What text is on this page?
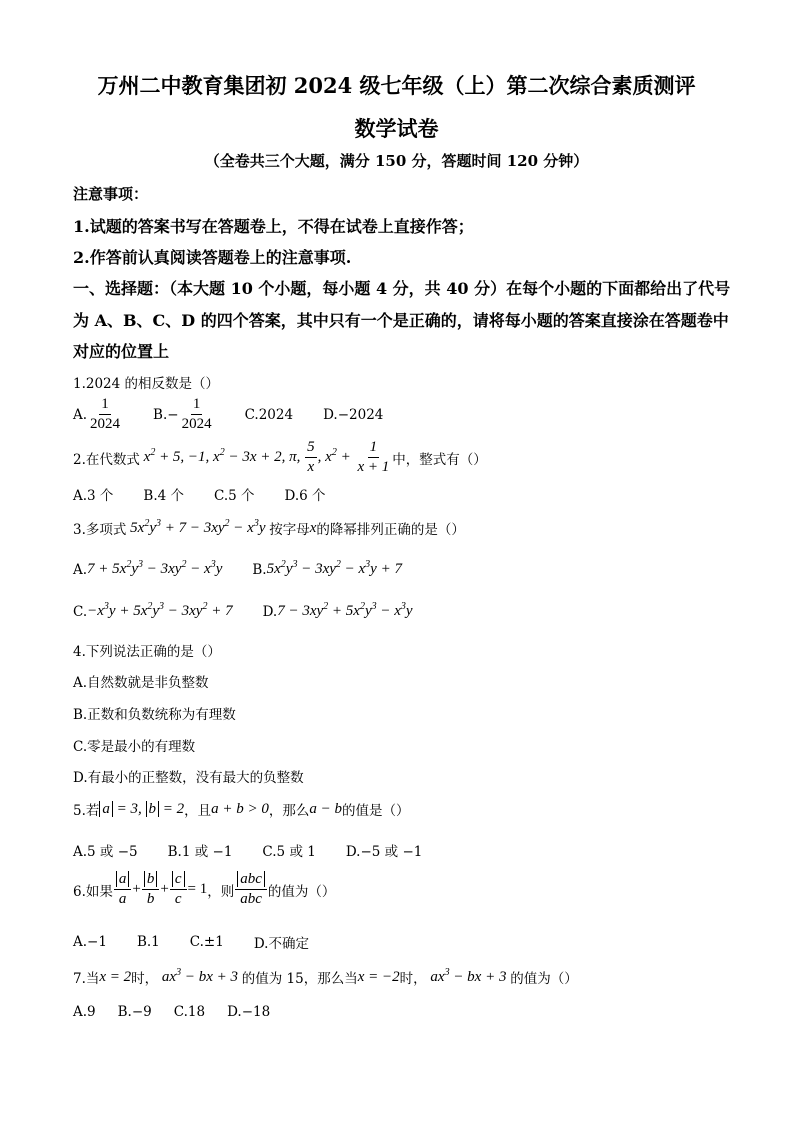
万州二中教育集团初 2024 级七年级（上）第二次综合素质测评
数学试卷
（全卷共三个大题，满分 150 分，答题时间 120 分钟）
注意事项：
1.试题的答案书写在答题卷上，不得在试卷上直接作答；
2.作答前认真阅读答题卷上的注意事项.
一、选择题：（本大题 10 个小题，每小题 4 分，共 40 分）在每个小题的下面都给出了代号
为 A、B、C、D 的四个答案，其中只有一个是正确的，请将每小题的答案直接涂在答题卷中
对应的位置上
1.2024 的相反数是（）
A. $\frac{1}{2024} B.- \frac{1}{2024} C.2024$ D.−2024
2.在代数式 $x^2 + 5$, −1, $x^2 - 3x + 2$, π, $\frac{5}{x}$ , $x^2 + \frac{1}{x + 1}$ 中，整式有（）
A.3 个 B.4 个 C.5 个 D.6 个
3.多项式 $5x^2y^3 + 7 - 3xy^2 - x^3y$ 按字母 x 的降幂排列正确的是（）
A. $7 + 5x^2y^3 - 3xy^2 - x^3y$ B. $5x^2y^3 - 3xy^2 - x^3y + 7$
C. $-x^3y + 5x^2y^3 - 3xy^2 + 7$ D. $7 - 3xy^2 + 5x^2y^3 - x^3y$
4.下列说法正确的是（）
A.自然数就是非负整数
B.正数和负数统称为有理数
C.零是最小的有理数
D.有最小的正整数，没有最大的负整数
5.若 a = 3, b = 2 ，且 a + b > 0 ，那么 a − b 的值是（）
A.5 或 −5 B.1 或 −1 C.5 或 1 D.−5 或 −1
6.如果 $\frac{a}{a} + \frac{b}{b} + \frac{c}{c} = 1$ ，则 $\frac{\text{abc}}{\text{abc}}$ 的值为（）
A.−1 B.1 C.±1 D.不确定
7.当 x = 2 时， $ax^3$ − bx + 3 的值为 15，那么当 x = −2 时， $ax^3$ − bx + 3 的值为（）
A.9 B.−9 C.18 D.−18
